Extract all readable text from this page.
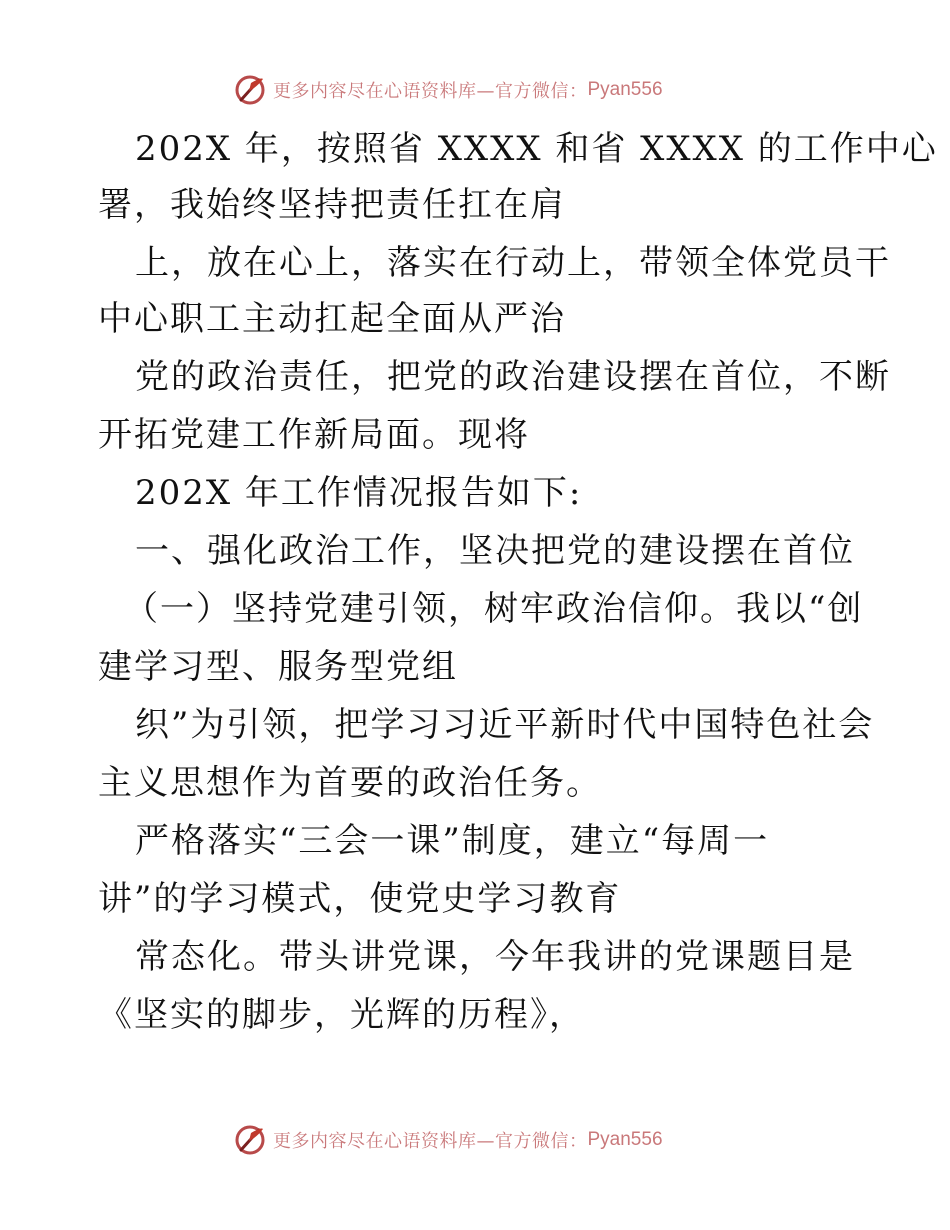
更多内容尽在心语资料库—官方微信： Pyan556
202X 年，按照省 XXXX 和省 XXXX 的工作中心
署，我始终坚持把责任扛在肩
上，放在心上，落实在行动上，带领全体党员干
中心职工主动扛起全面从严治
党的政治责任，把党的政治建设摆在首位，不断
开拓党建工作新局面。现将
202X 年工作情况报告如下:
一、强化政治工作，坚决把党的建设摆在首位
（一）坚持党建引领，树牢政治信仰。我以“创
建学习型、服务型党组
织”为引领，把学习习近平新时代中国特色社会
主义思想作为首要的政治任务。
严格落实“三会一课”制度，建立“每周一
讲”的学习模式，使党史学习教育
常态化。带头讲党课，今年我讲的党课题目是
《坚实的脚步，光辉的历程》，
更多内容尽在心语资料库—官方微信： Pyan556
